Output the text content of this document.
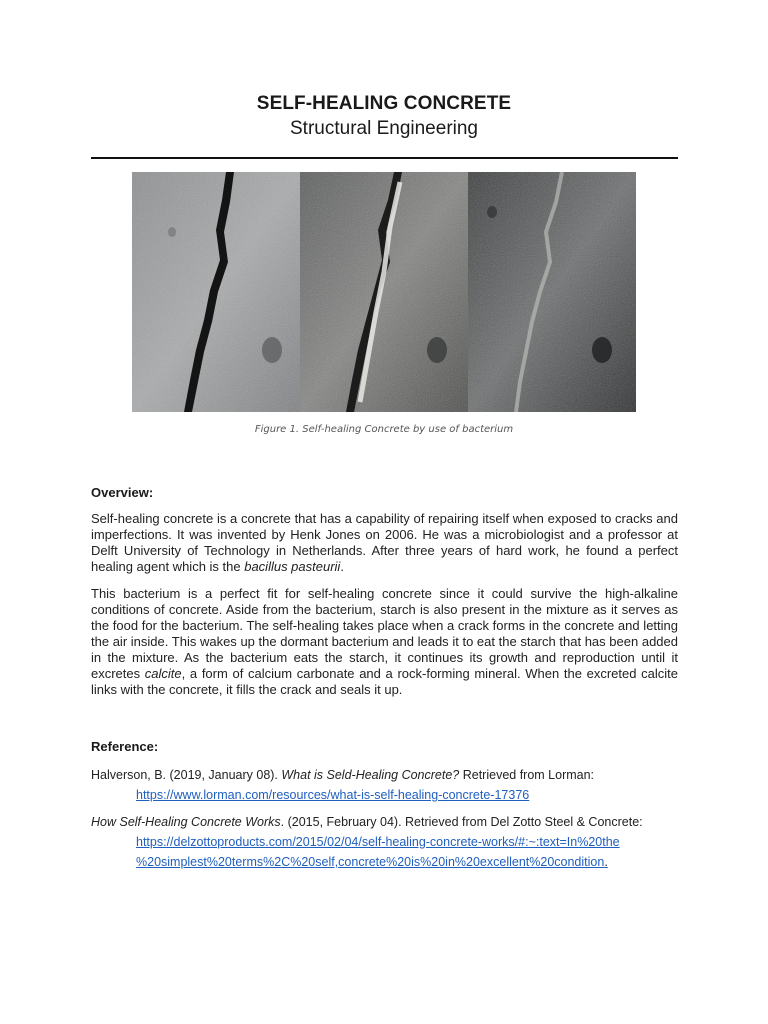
SELF-HEALING CONCRETE
Structural Engineering
Figure 1. Self-healing Concrete by use of bacterium
Overview:
Self-healing concrete is a concrete that has a capability of repairing itself when exposed to cracks and imperfections. It was invented by Henk Jones on 2006. He was a microbiologist and a professor at Delft University of Technology in Netherlands. After three years of hard work, he found a perfect healing agent which is the bacillus pasteurii.
This bacterium is a perfect fit for self-healing concrete since it could survive the high-alkaline conditions of concrete. Aside from the bacterium, starch is also present in the mixture as it serves as the food for the bacterium. The self-healing takes place when a crack forms in the concrete and letting the air inside. This wakes up the dormant bacterium and leads it to eat the starch that has been added in the mixture. As the bacterium eats the starch, it continues its growth and reproduction until it excretes calcite, a form of calcium carbonate and a rock-forming mineral. When the excreted calcite links with the concrete, it fills the crack and seals it up.
Reference:
Halverson, B. (2019, January 08). What is Seld-Healing Concrete? Retrieved from Lorman:
https://www.lorman.com/resources/what-is-self-healing-concrete-17376
How Self-Healing Concrete Works. (2015, February 04). Retrieved from Del Zotto Steel & Concrete:
https://delzottoproducts.com/2015/02/04/self-healing-concrete-works/#:~:text=In%20the
%20simplest%20terms%2C%20self,concrete%20is%20in%20excellent%20condition.
